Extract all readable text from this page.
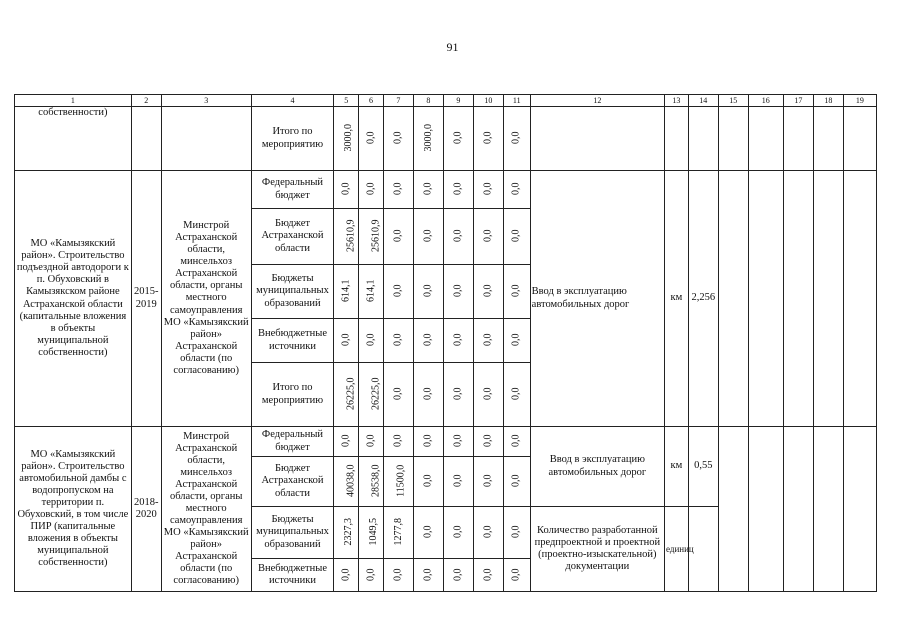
91
1	2	3	4	5	6	7	8	9	10	11	12	13	14	15	16	17	18	19
собственности)			Итого по мероприятию	3000,0	0,0	0,0	3000,0	0,0	0,0	0,0								
МО «Камызякский район». Строительство подъездной автодороги к п. Обуховский в Камызякском районе Астраханской области (капитальные вложения в объекты муниципальной собственности)	2015-2019	Минстрой Астраханской области, минсельхоз Астраханской области, органы местного самоуправления МО «Камызякский район» Астраханской области (по согласованию)	Федеральный бюджет	0,0	0,0	0,0	0,0	0,0	0,0	0,0	Ввод в эксплуатацию автомобильных дорог	км	2,256					
			Бюджет Астраханской области	25610,9	25610,9	0,0	0,0	0,0	0,0	0,0								
			Бюджеты муниципальных образований	614,1	614,1	0,0	0,0	0,0	0,0	0,0								
			Внебюджетные источники	0,0	0,0	0,0	0,0	0,0	0,0	0,0								
			Итого по мероприятию	26225,0	26225,0	0,0	0,0	0,0	0,0	0,0								
МО «Камызякский район». Строительство автомобильной дамбы с водопропуском на территории п. Обуховский, в том числе ПИР (капитальные вложения в объекты муниципальной собственности)	2018-2020	Минстрой Астраханской области, минсельхоз Астраханской области, органы местного самоуправления МО «Камызякский район» Астраханской области (по согласованию)	Федеральный бюджет	0,0	0,0	0,0	0,0	0,0	0,0	0,0	Ввод в эксплуатацию автомобильных дорог	км	0,55					
			Бюджет Астраханской области	40038,0	28538,0	11500,0	0,0	0,0	0,0	0,0								
			Бюджеты муниципальных образований	2327,3	1049,5	1277,8	0,0	0,0	0,0	0,0	Количество разработанной предпроектной и проектной (проектно-изыскательной) документации	единиц						
			Внебюджетные источники	0,0	0,0	0,0	0,0	0,0	0,0	0,0								
